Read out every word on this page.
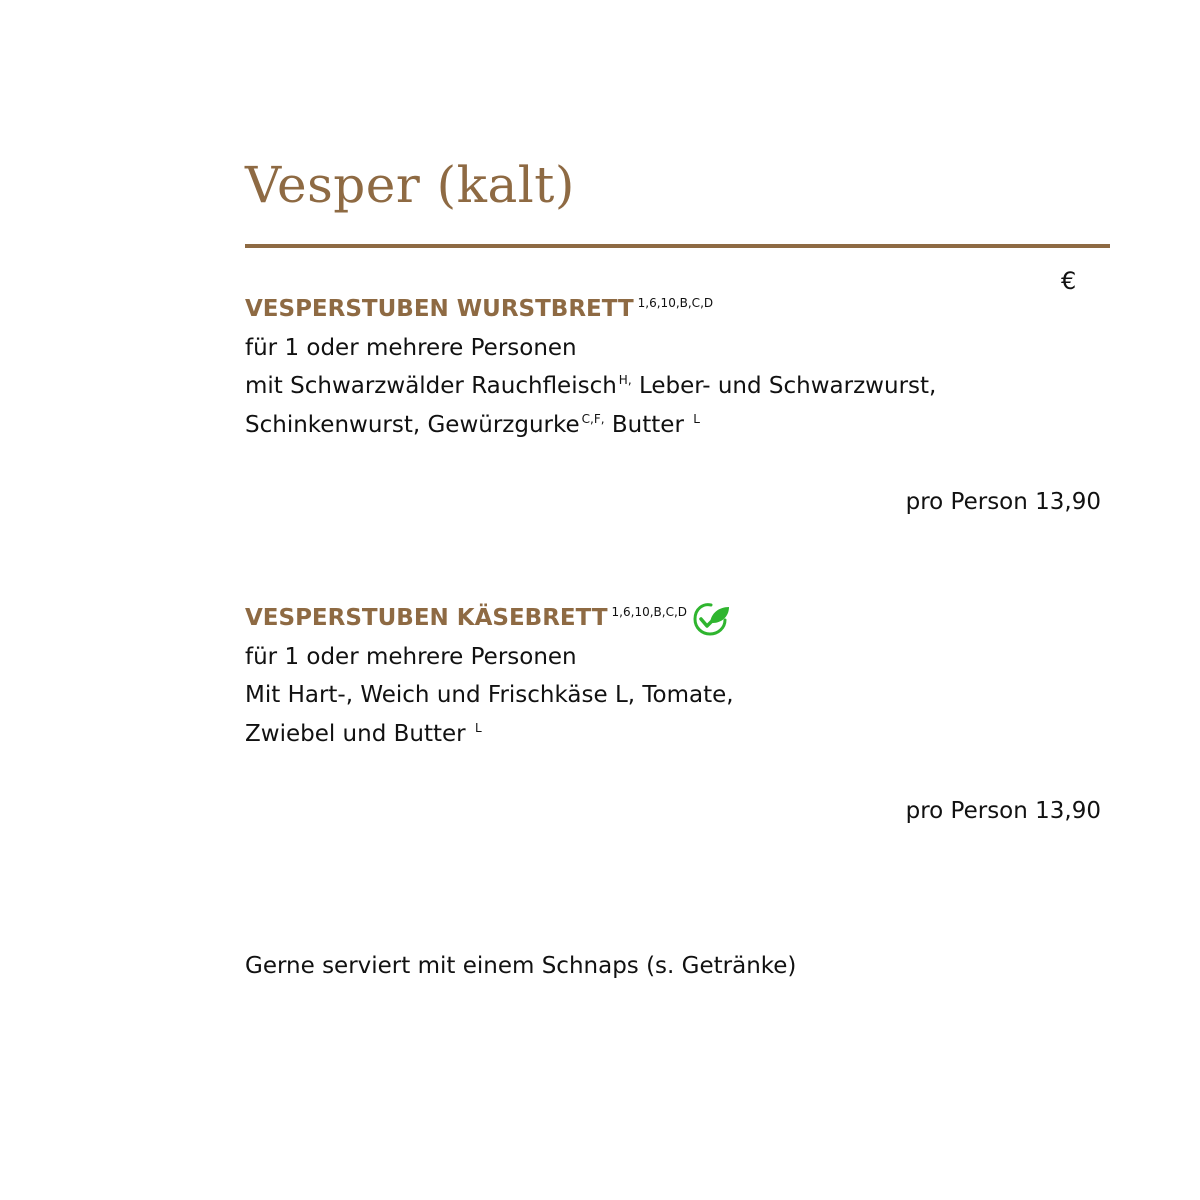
Vesper (kalt)
€
VESPERSTUBEN WURSTBRETT $^{1,6,10,B,C,D}$
für 1 oder mehrere Personen
mit Schwarzwälder Rauchfleisch $^{H,}$ Leber- und Schwarzwurst,
Schinkenwurst, Gewürzgurke $^{C,F,}$ Butter $^L$
pro Person 13,90
VESPERSTUBEN KÄSEBRETT $^{1,6,10,B,C,D}$
für 1 oder mehrere Personen
Mit Hart-, Weich und Frischkäse L, Tomate,
Zwiebel und Butter $^L$
pro Person 13,90
Gerne serviert mit einem Schnaps (s. Getränke)
